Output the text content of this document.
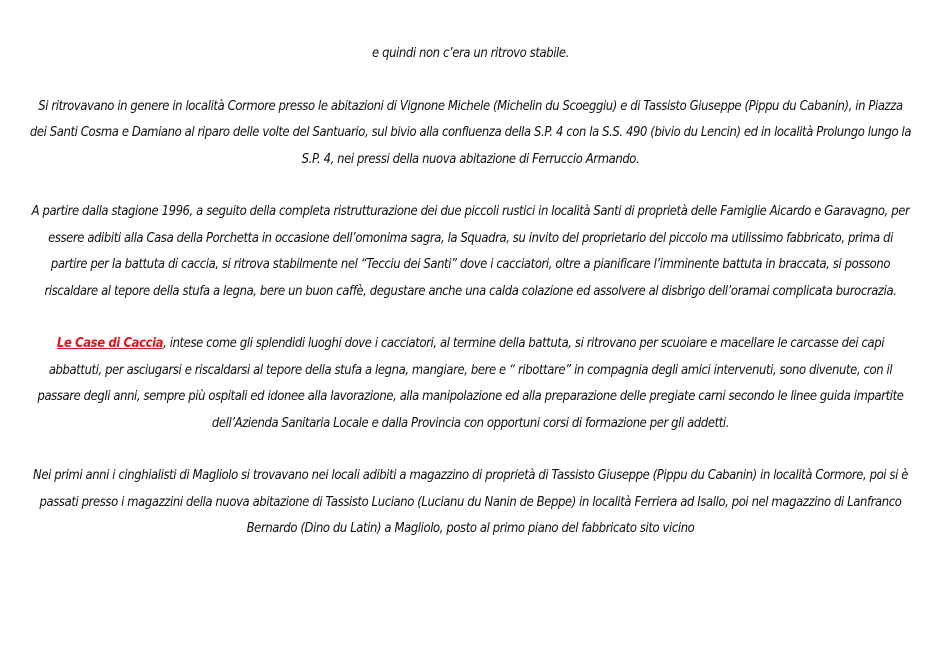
e quindi non c’era un ritrovo stabile.

Si ritrovavano in genere in località Cormore presso le abitazioni di Vignone Michele (Michelin du Scoeggiu) e di Tassisto Giuseppe (Pippu du Cabanin), in Piazza dei Santi Cosma e Damiano al riparo delle volte del Santuario, sul bivio alla confluenza della S.P. 4 con la S.S. 490 (bivio du Lencin) ed in località Prolungo lungo la S.P. 4, nei pressi della nuova abitazione di Ferruccio Armando.

A partire dalla stagione 1996, a seguito della completa ristrutturazione dei due piccoli rustici in località Santi di proprietà delle Famiglie Aicardo e Garavagno, per essere adibiti alla Casa della Porchetta in occasione dell’omonima sagra, la Squadra, su invito del proprietario del piccolo ma utilissimo fabbricato, prima di partire per la battuta di caccia, si ritrova stabilmente nel “Tecciu dei Santi” dove i cacciatori, oltre a pianificare l’imminente battuta in braccata, si possono riscaldare al tepore della stufa a legna, bere un buon caffè, degustare anche una calda colazione ed assolvere al disbrigo dell’oramai complicata burocrazia.

Le Case di Caccia, intese come gli splendidi luoghi dove i cacciatori, al termine della battuta, si ritrovano per scuoiare e macellare le carcasse dei capi abbattuti, per asciugarsi e riscaldarsi al tepore della stufa a legna, mangiare, bere e “ ribottare” in compagnia degli amici intervenuti, sono divenute, con il passare degli anni, sempre più ospitali ed idonee alla lavorazione, alla manipolazione ed alla preparazione delle pregiate carni secondo le linee guida impartite dell’Azienda Sanitaria Locale e dalla Provincia con opportuni corsi di formazione per gli addetti.

Nei primi anni i cinghialisti di Magliolo si trovavano nei locali adibiti a magazzino di proprietà di Tassisto Giuseppe (Pippu du Cabanin) in località Cormore, poi si è passati presso i magazzini della nuova abitazione di Tassisto Luciano (Lucianu du Nanin de Beppe) in località Ferriera ad Isallo, poi nel magazzino di Lanfranco Bernardo (Dino du Latin) a Magliolo, posto al primo piano del fabbricato sito vicino
